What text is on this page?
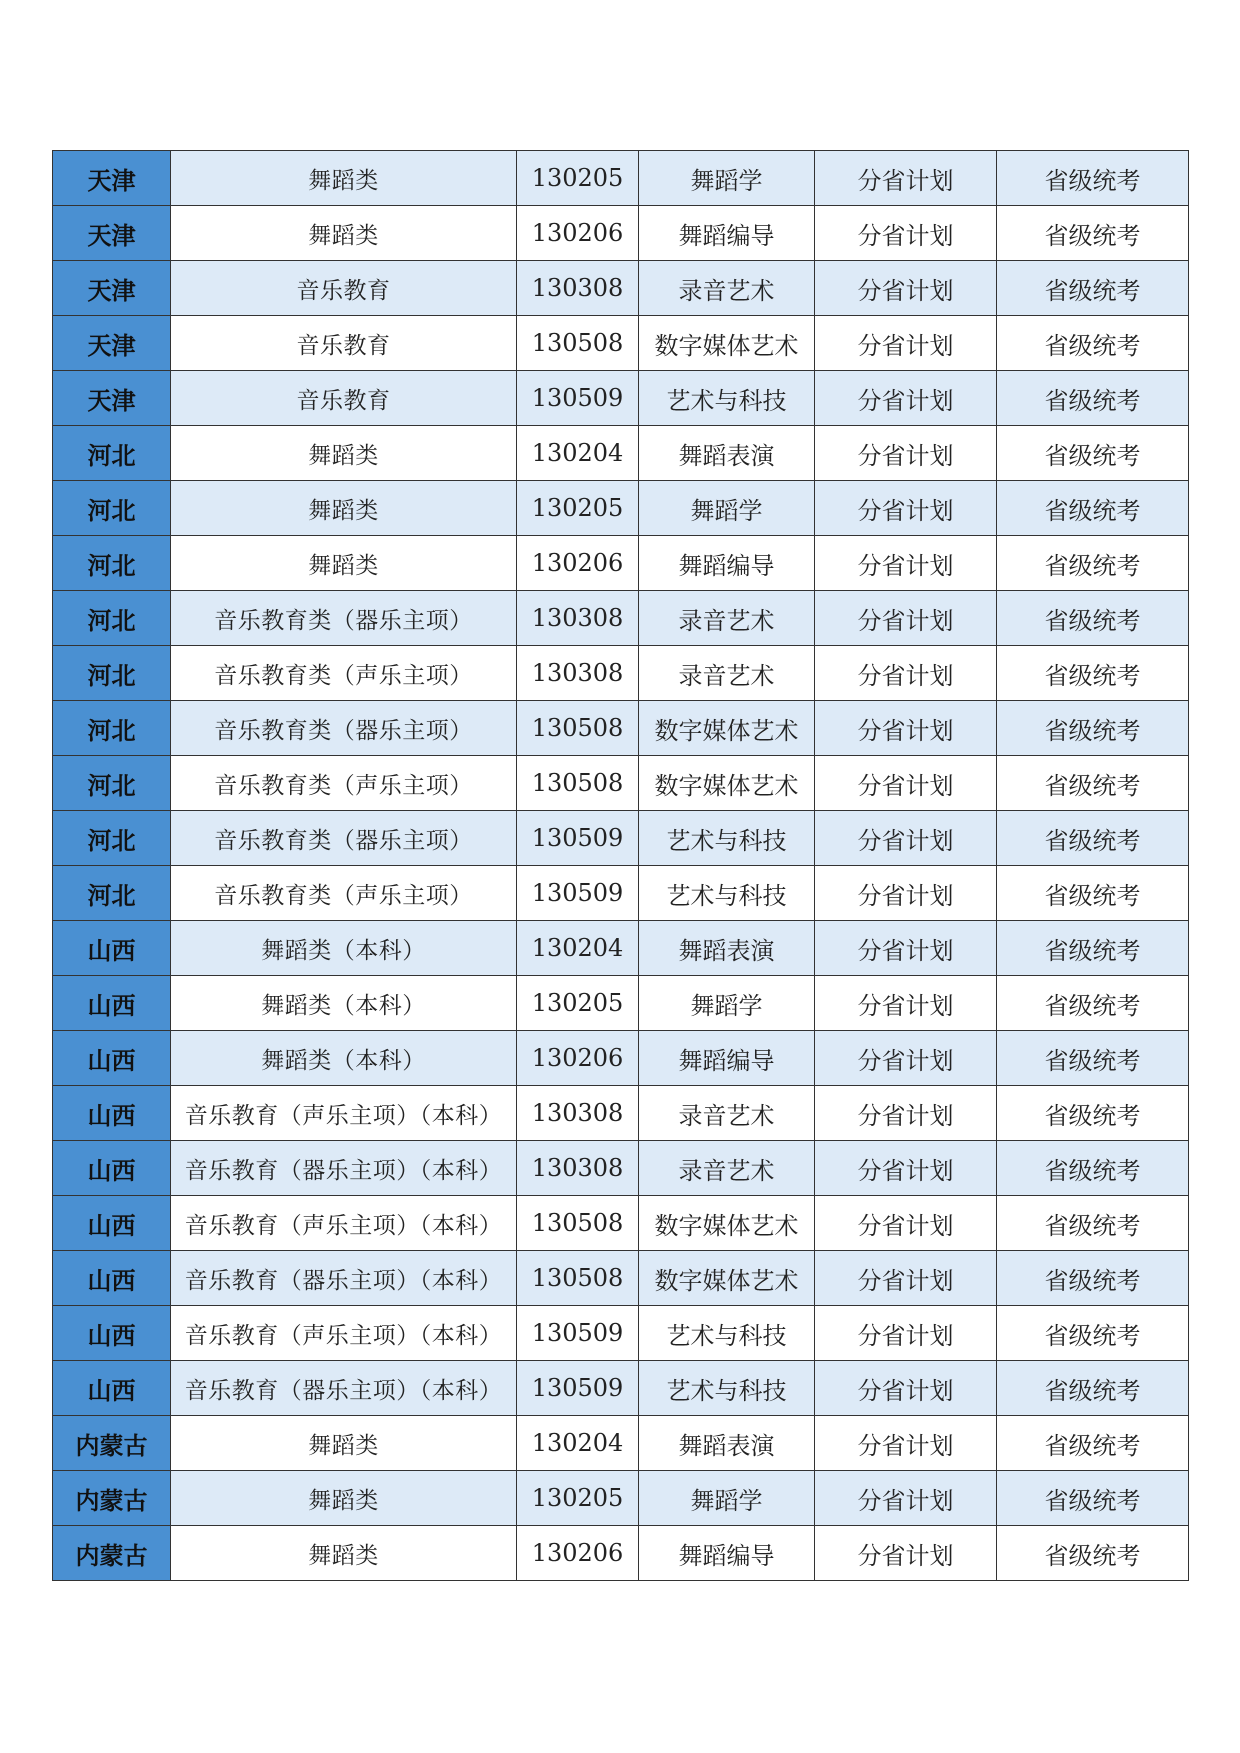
天津	舞蹈类	130205	舞蹈学	分省计划	省级统考
天津	舞蹈类	130206	舞蹈编导	分省计划	省级统考
天津	音乐教育	130308	录音艺术	分省计划	省级统考
天津	音乐教育	130508	数字媒体艺术	分省计划	省级统考
天津	音乐教育	130509	艺术与科技	分省计划	省级统考
河北	舞蹈类	130204	舞蹈表演	分省计划	省级统考
河北	舞蹈类	130205	舞蹈学	分省计划	省级统考
河北	舞蹈类	130206	舞蹈编导	分省计划	省级统考
河北	音乐教育类（器乐主项）	130308	录音艺术	分省计划	省级统考
河北	音乐教育类（声乐主项）	130308	录音艺术	分省计划	省级统考
河北	音乐教育类（器乐主项）	130508	数字媒体艺术	分省计划	省级统考
河北	音乐教育类（声乐主项）	130508	数字媒体艺术	分省计划	省级统考
河北	音乐教育类（器乐主项）	130509	艺术与科技	分省计划	省级统考
河北	音乐教育类（声乐主项）	130509	艺术与科技	分省计划	省级统考
山西	舞蹈类（本科）	130204	舞蹈表演	分省计划	省级统考
山西	舞蹈类（本科）	130205	舞蹈学	分省计划	省级统考
山西	舞蹈类（本科）	130206	舞蹈编导	分省计划	省级统考
山西	音乐教育（声乐主项）（本科）	130308	录音艺术	分省计划	省级统考
山西	音乐教育（器乐主项）（本科）	130308	录音艺术	分省计划	省级统考
山西	音乐教育（声乐主项）（本科）	130508	数字媒体艺术	分省计划	省级统考
山西	音乐教育（器乐主项）（本科）	130508	数字媒体艺术	分省计划	省级统考
山西	音乐教育（声乐主项）（本科）	130509	艺术与科技	分省计划	省级统考
山西	音乐教育（器乐主项）（本科）	130509	艺术与科技	分省计划	省级统考
内蒙古	舞蹈类	130204	舞蹈表演	分省计划	省级统考
内蒙古	舞蹈类	130205	舞蹈学	分省计划	省级统考
内蒙古	舞蹈类	130206	舞蹈编导	分省计划	省级统考
